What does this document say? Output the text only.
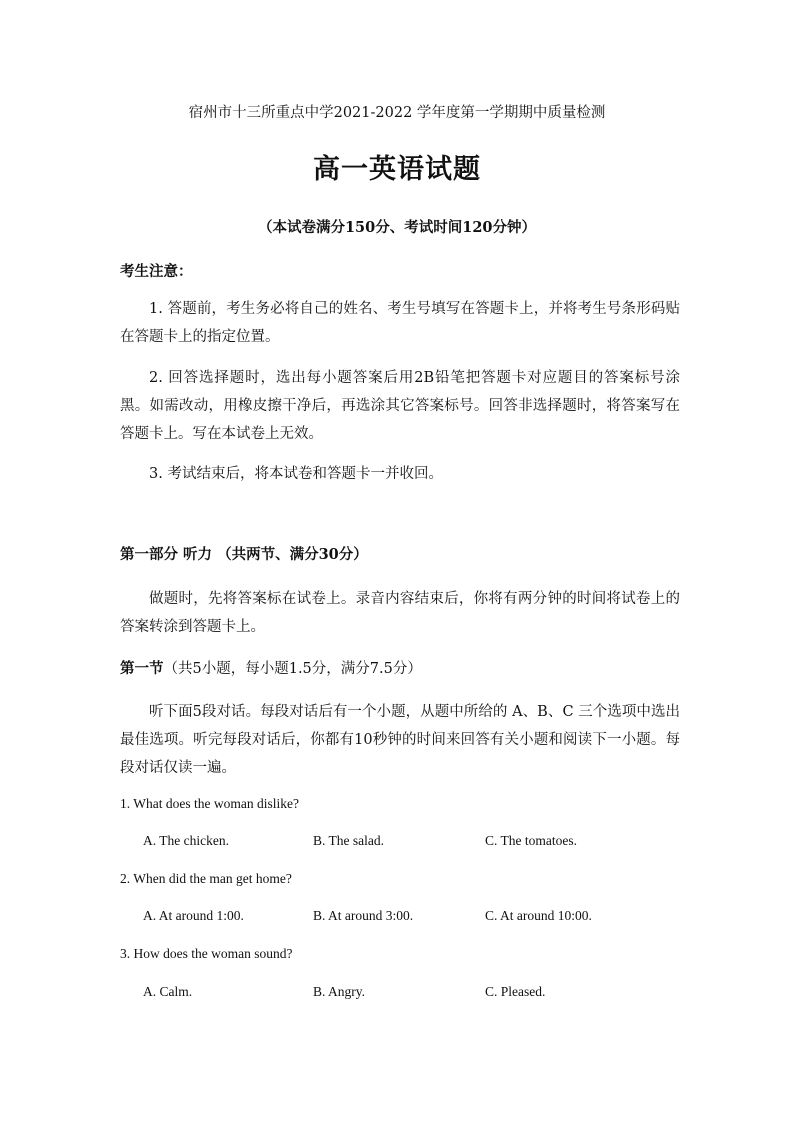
宿州市十三所重点中学2021-2022 学年度第一学期期中质量检测
高一英语试题
（本试卷满分150分、考试时间120分钟）
考生注意：
1. 答题前，考生务必将自己的姓名、考生号填写在答题卡上，并将考生号条形码贴在答题卡上的指定位置。
2. 回答选择题时，选出每小题答案后用2B铅笔把答题卡对应题目的答案标号涂黑。如需改动，用橡皮擦干净后，再选涂其它答案标号。回答非选择题时，将答案写在答题卡上。写在本试卷上无效。
3. 考试结束后，将本试卷和答题卡一并收回。
第一部分 听力 （共两节、满分30分）
做题时，先将答案标在试卷上。录音内容结束后，你将有两分钟的时间将试卷上的答案转涂到答题卡上。
第一节（共5小题，每小题1.5分，满分7.5分）
听下面5段对话。每段对话后有一个小题，从题中所给的 A、B、C 三个选项中选出最佳选项。听完每段对话后，你都有10秒钟的时间来回答有关小题和阅读下一小题。每段对话仅读一遍。
1. What does the woman dislike?
A. The chicken.	B. The salad.	C. The tomatoes.
2. When did the man get home?
A. At around 1:00.	B. At around 3:00.	C. At around 10:00.
3. How does the woman sound?
A. Calm.	B. Angry.	C. Pleased.
